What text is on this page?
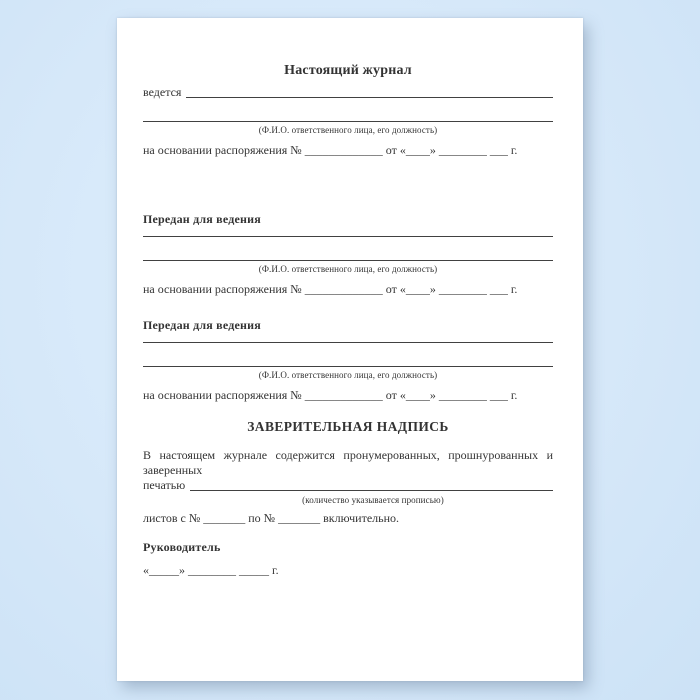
Настоящий журнал
ведется
(Ф.И.О. ответственного лица, его должность)
на основании распоряжения № _____________ от «____» ________ ___ г.
Передан для ведения
(Ф.И.О. ответственного лица, его должность)
на основании распоряжения № _____________ от «____» ________ ___ г.
Передан для ведения
(Ф.И.О. ответственного лица, его должность)
на основании распоряжения № _____________ от «____» ________ ___ г.
ЗАВЕРИТЕЛЬНАЯ НАДПИСЬ
В настоящем журнале содержится пронумерованных, прошнурованных и заверенных
печатью
(количество указывается прописью)
листов с № _______ по № _______ включительно.
Руководитель
«_____» ________ _____ г.
